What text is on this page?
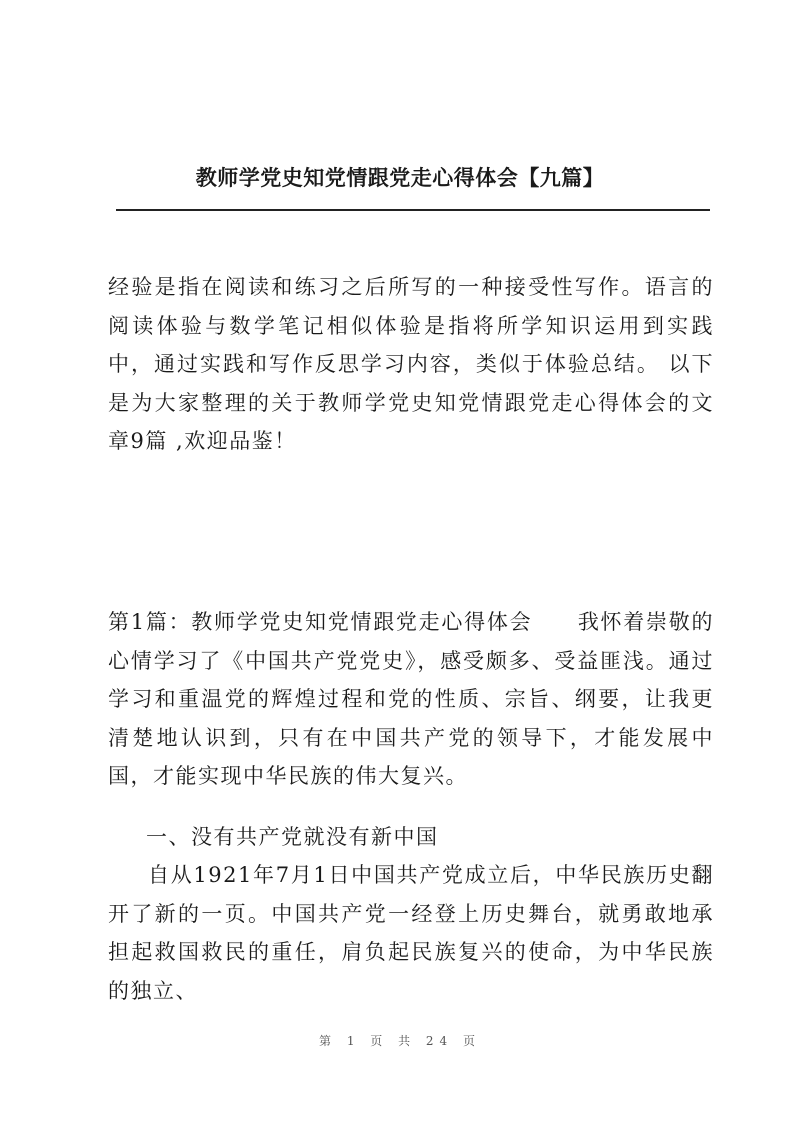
教师学党史知党情跟党走心得体会【九篇】

经验是指在阅读和练习之后所写的一种接受性写作。语言的阅读体验与数学笔记相似体验是指将所学知识运用到实践中，通过实践和写作反思学习内容，类似于体验总结。 以下是为大家整理的关于教师学党史知党情跟党走心得体会的文章9篇 ,欢迎品鉴！

第1篇：教师学党史知党情跟党走心得体会　　我怀着崇敬的心情学习了《中国共产党党史》，感受颇多、受益匪浅。通过学习和重温党的辉煌过程和党的性质、宗旨、纲要，让我更清楚地认识到，只有在中国共产党的领导下，才能发展中国，才能实现中华民族的伟大复兴。

一、没有共产党就没有新中国

自从1921年7月1日中国共产党成立后，中华民族历史翻开了新的一页。中国共产党一经登上历史舞台，就勇敢地承担起救国救民的重任，肩负起民族复兴的使命，为中华民族的独立、

第 1 页 共 24 页
